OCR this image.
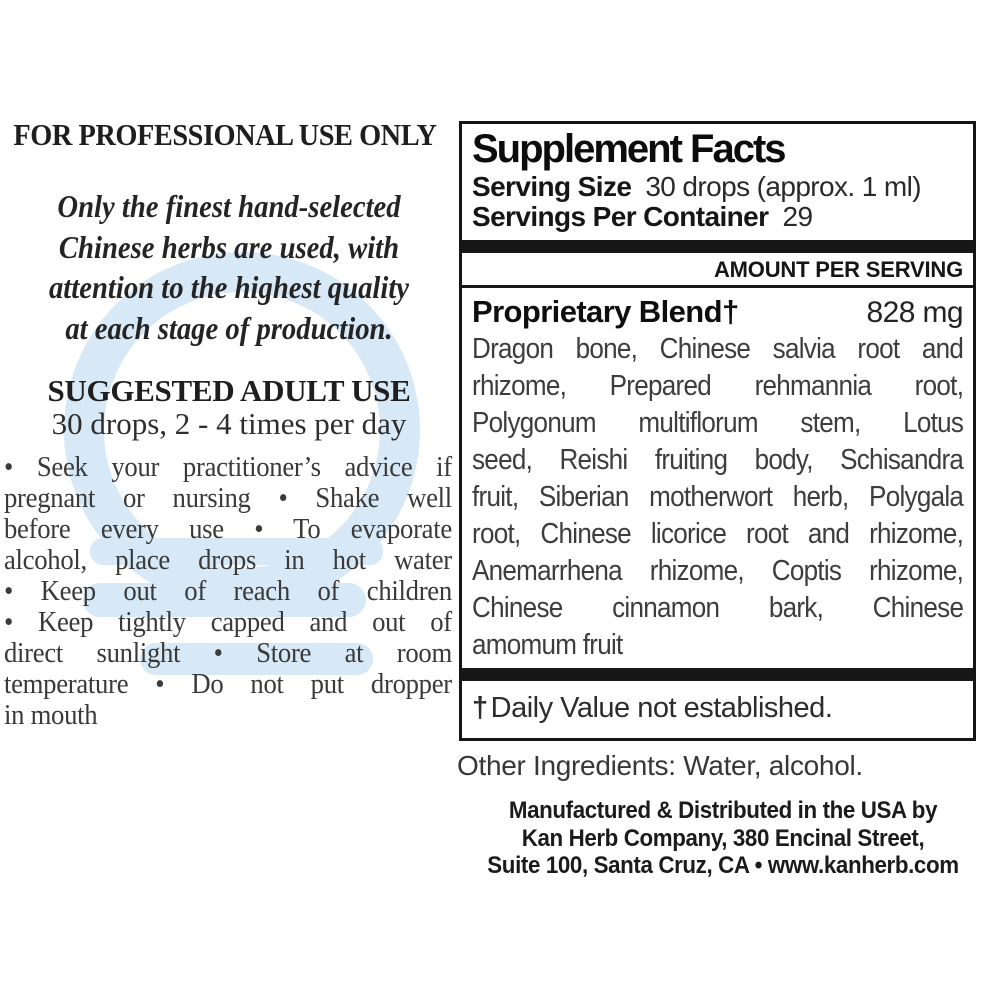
FOR PROFESSIONAL USE ONLY
Only the finest hand-selected
Chinese herbs are used, with
attention to the highest quality
at each stage of production.
SUGGESTED ADULT USE
30 drops, 2 - 4 times per day
• Seek your practitioner’s advice if
pregnant or nursing • Shake well
before every use • To evaporate
alcohol, place drops in hot water
• Keep out of reach of children
• Keep tightly capped and out of
direct sunlight • Store at room
temperature • Do not put dropper
in mouth
Supplement Facts
Serving Size 30 drops (approx. 1 ml)
Servings Per Container 29
AMOUNT PER SERVING
Proprietary Blend†	828 mg
Dragon bone, Chinese salvia root and
rhizome, Prepared rehmannia root,
Polygonum multiflorum stem, Lotus
seed, Reishi fruiting body, Schisandra
fruit, Siberian motherwort herb, Polygala
root, Chinese licorice root and rhizome,
Anemarrhena rhizome, Coptis rhizome,
Chinese cinnamon bark, Chinese
amomum fruit
† Daily Value not established.
Other Ingredients: Water, alcohol.
Manufactured & Distributed in the USA by
Kan Herb Company, 380 Encinal Street,
Suite 100, Santa Cruz, CA • www.kanherb.com
